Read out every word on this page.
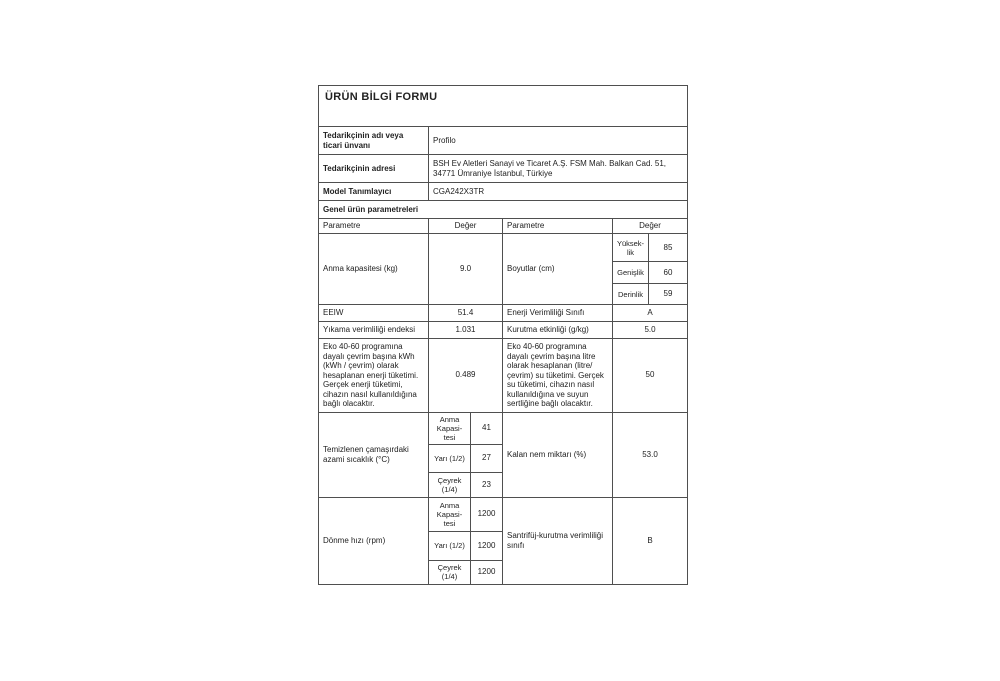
ÜRÜN BİLGİ FORMU					
Tedarikçinin adı veya ticari ünvanı	Profilo				
Tedarikçinin adresi	BSH Ev Aletleri Sanayi ve Ticaret A.Ş. FSM Mah. Balkan Cad. 51, 34771 Ümraniye İstanbul, Türkiye				
Model Tanımlayıcı	CGA242X3TR				
Genel ürün parametreleri					
Parametre	Değer		Parametre	Değer	
Anma kapasitesi (kg)	9.0		Boyutlar (cm)	Yüksek-lik	85
				Genişlik	60
				Derinlik	59
EEIW	51.4		Enerji Verimliliği Sınıfı	A	
Yıkama verimliliği endeksi	1.031		Kurutma etkinliği (g/kg)	5.0	
Eko 40-60 programına dayalı çevrim başına kWh (kWh / çevrim) olarak hesaplanan enerji tüketimi. Gerçek enerji tüketimi, cihazın nasıl kullanıldığına bağlı olacaktır.	0.489		Eko 40-60 programına dayalı çevrim başına litre olarak hesaplanan (litre/çevrim) su tüketimi. Gerçek su tüketimi, cihazın nasıl kullanıldığına ve suyun sertliğine bağlı olacaktır.	50	
Temizlenen çamaşırdaki azami sıcaklık (°C)	Anma Kapasi-tesi	41	Kalan nem miktarı (%)	53.0	
	Yarı (1/2)	27			
	Çeyrek (1/4)	23			
Dönme hızı (rpm)	Anma Kapasi-tesi	1200	Santrifüj-kurutma verimliliği sınıfı	B	
	Yarı (1/2)	1200			
	Çeyrek (1/4)	1200			
